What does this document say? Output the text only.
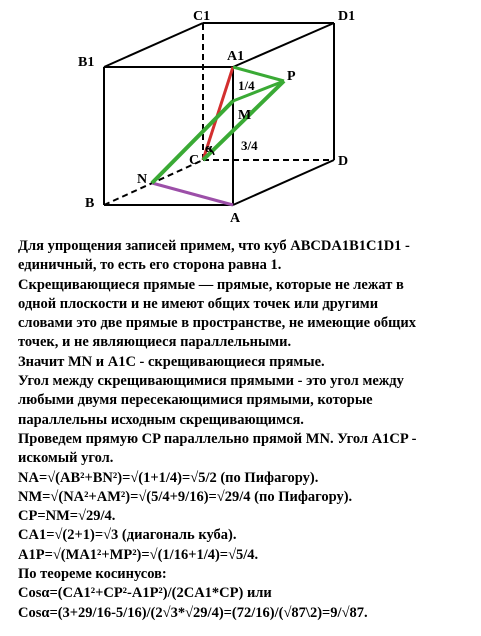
C1	D1
B1	A1
P
M
C	D
N
B
A
1/4
3/4
α
Для упрощения записей примем, что куб ABCDA1B1C1D1 -
единичный, то есть его сторона равна 1.
Скрещивающиеся прямые — прямые, которые не лежат в
одной плоскости и не имеют общих точек или другими
словами это две прямые в пространстве, не имеющие общих
точек, и не являющиеся параллельными.
Значит MN и A1C - скрещивающиеся прямые.
Угол между скрещивающимися прямыми - это угол между
любыми двумя пересекающимися прямыми, которые
параллельны исходным скрещивающимся.
Проведем прямую CP параллельно прямой MN. Угол A1CP -
искомый угол.
NA=√(AB²+BN²)=√(1+1/4)=√5/2 (по Пифагору).
NM=√(NA²+AM²)=√(5/4+9/16)=√29/4 (по Пифагору).
CP=NM=√29/4.
CA1=√(2+1)=√3 (диагональ куба).
A1P=√(MA1²+MP²)=√(1/16+1/4)=√5/4.
По теореме косинусов:
Cosα=(CA1²+CP²-A1P²)/(2CA1*CP) или
Cosα=(3+29/16-5/16)/(2√3*√29/4)=(72/16)/(√87\2)=9/√87.
